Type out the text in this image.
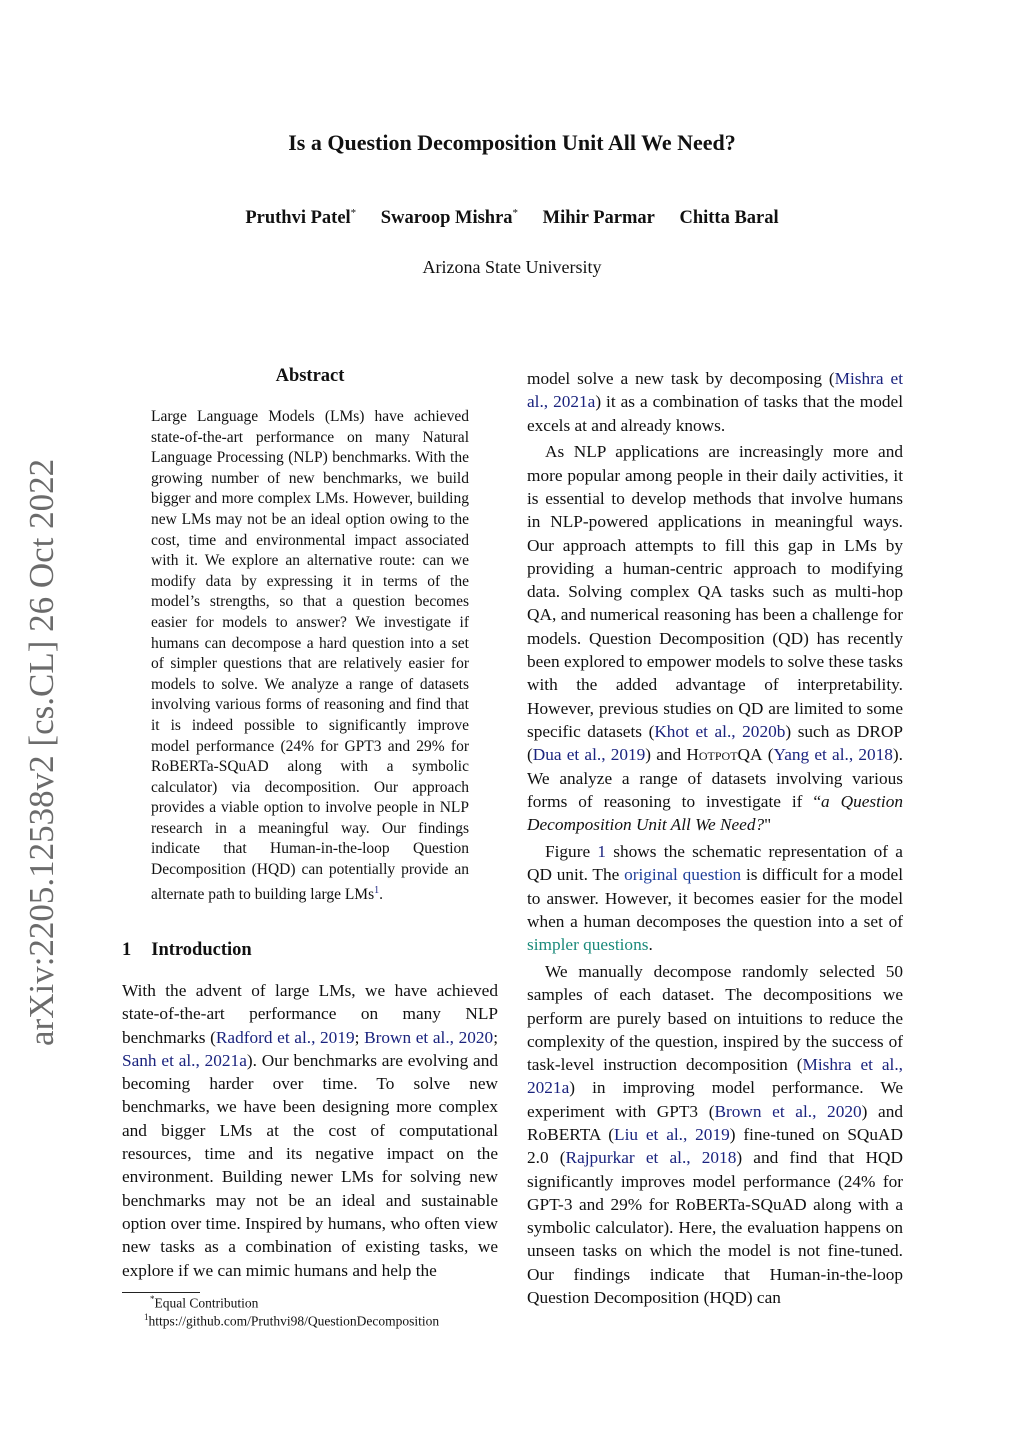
arXiv:2205.12538v2 [cs.CL] 26 Oct 2022
Is a Question Decomposition Unit All We Need?
Pruthvi Patel* Swaroop Mishra* Mihir Parmar Chitta Baral
Arizona State University
Abstract

Large Language Models (LMs) have achieved state-of-the-art performance on many Natural Language Processing (NLP) benchmarks. With the growing number of new benchmarks, we build bigger and more complex LMs. However, building new LMs may not be an ideal option owing to the cost, time and environmental impact associated with it. We explore an alternative route: can we modify data by expressing it in terms of the model’s strengths, so that a question becomes easier for models to answer? We investigate if humans can decompose a hard question into a set of simpler questions that are relatively easier for models to solve. We analyze a range of datasets involving various forms of reasoning and find that it is indeed possible to significantly improve model performance (24% for GPT3 and 29% for RoBERTa-SQuAD along with a symbolic calculator) via decomposition. Our approach provides a viable option to involve people in NLP research in a meaningful way. Our findings indicate that Human-in-the-loop Question Decomposition (HQD) can potentially provide an alternate path to building large LMs$^1$.

1 Introduction

With the advent of large LMs, we have achieved state-of-the-art performance on many NLP benchmarks (Radford et al., 2019; Brown et al., 2020; Sanh et al., 2021a). Our benchmarks are evolving and becoming harder over time. To solve new benchmarks, we have been designing more complex and bigger LMs at the cost of computational resources, time and its negative impact on the environment. Building newer LMs for solving new benchmarks may not be an ideal and sustainable option over time. Inspired by humans, who often view new tasks as a combination of existing tasks, we explore if we can mimic humans and help the

model solve a new task by decomposing (Mishra et al., 2021a) it as a combination of tasks that the model excels at and already knows.

As NLP applications are increasingly more and more popular among people in their daily activities, it is essential to develop methods that involve humans in NLP-powered applications in meaningful ways. Our approach attempts to fill this gap in LMs by providing a human-centric approach to modifying data. Solving complex QA tasks such as multi-hop QA, and numerical reasoning has been a challenge for models. Question Decomposition (QD) has recently been explored to empower models to solve these tasks with the added advantage of interpretability. However, previous studies on QD are limited to some specific datasets (Khot et al., 2020b) such as DROP (Dua et al., 2019) and HotpotQA (Yang et al., 2018). We analyze a range of datasets involving various forms of reasoning to investigate if “a Question Decomposition Unit All We Need?"

Figure 1 shows the schematic representation of a QD unit. The original question is difficult for a model to answer. However, it becomes easier for the model when a human decomposes the question into a set of simpler questions.

We manually decompose randomly selected 50 samples of each dataset. The decompositions we perform are purely based on intuitions to reduce the complexity of the question, inspired by the success of task-level instruction decomposition (Mishra et al., 2021a) in improving model performance. We experiment with GPT3 (Brown et al., 2020) and RoBERTA (Liu et al., 2019) fine-tuned on SQuAD 2.0 (Rajpurkar et al., 2018) and find that HQD significantly improves model performance (24% for GPT-3 and 29% for RoBERTa-SQuAD along with a symbolic calculator). Here, the evaluation happens on unseen tasks on which the model is not fine-tuned. Our findings indicate that Human-in-the-loop Question Decomposition (HQD) can

*Equal Contribution
$^1$https://github.com/Pruthvi98/QuestionDecomposition
